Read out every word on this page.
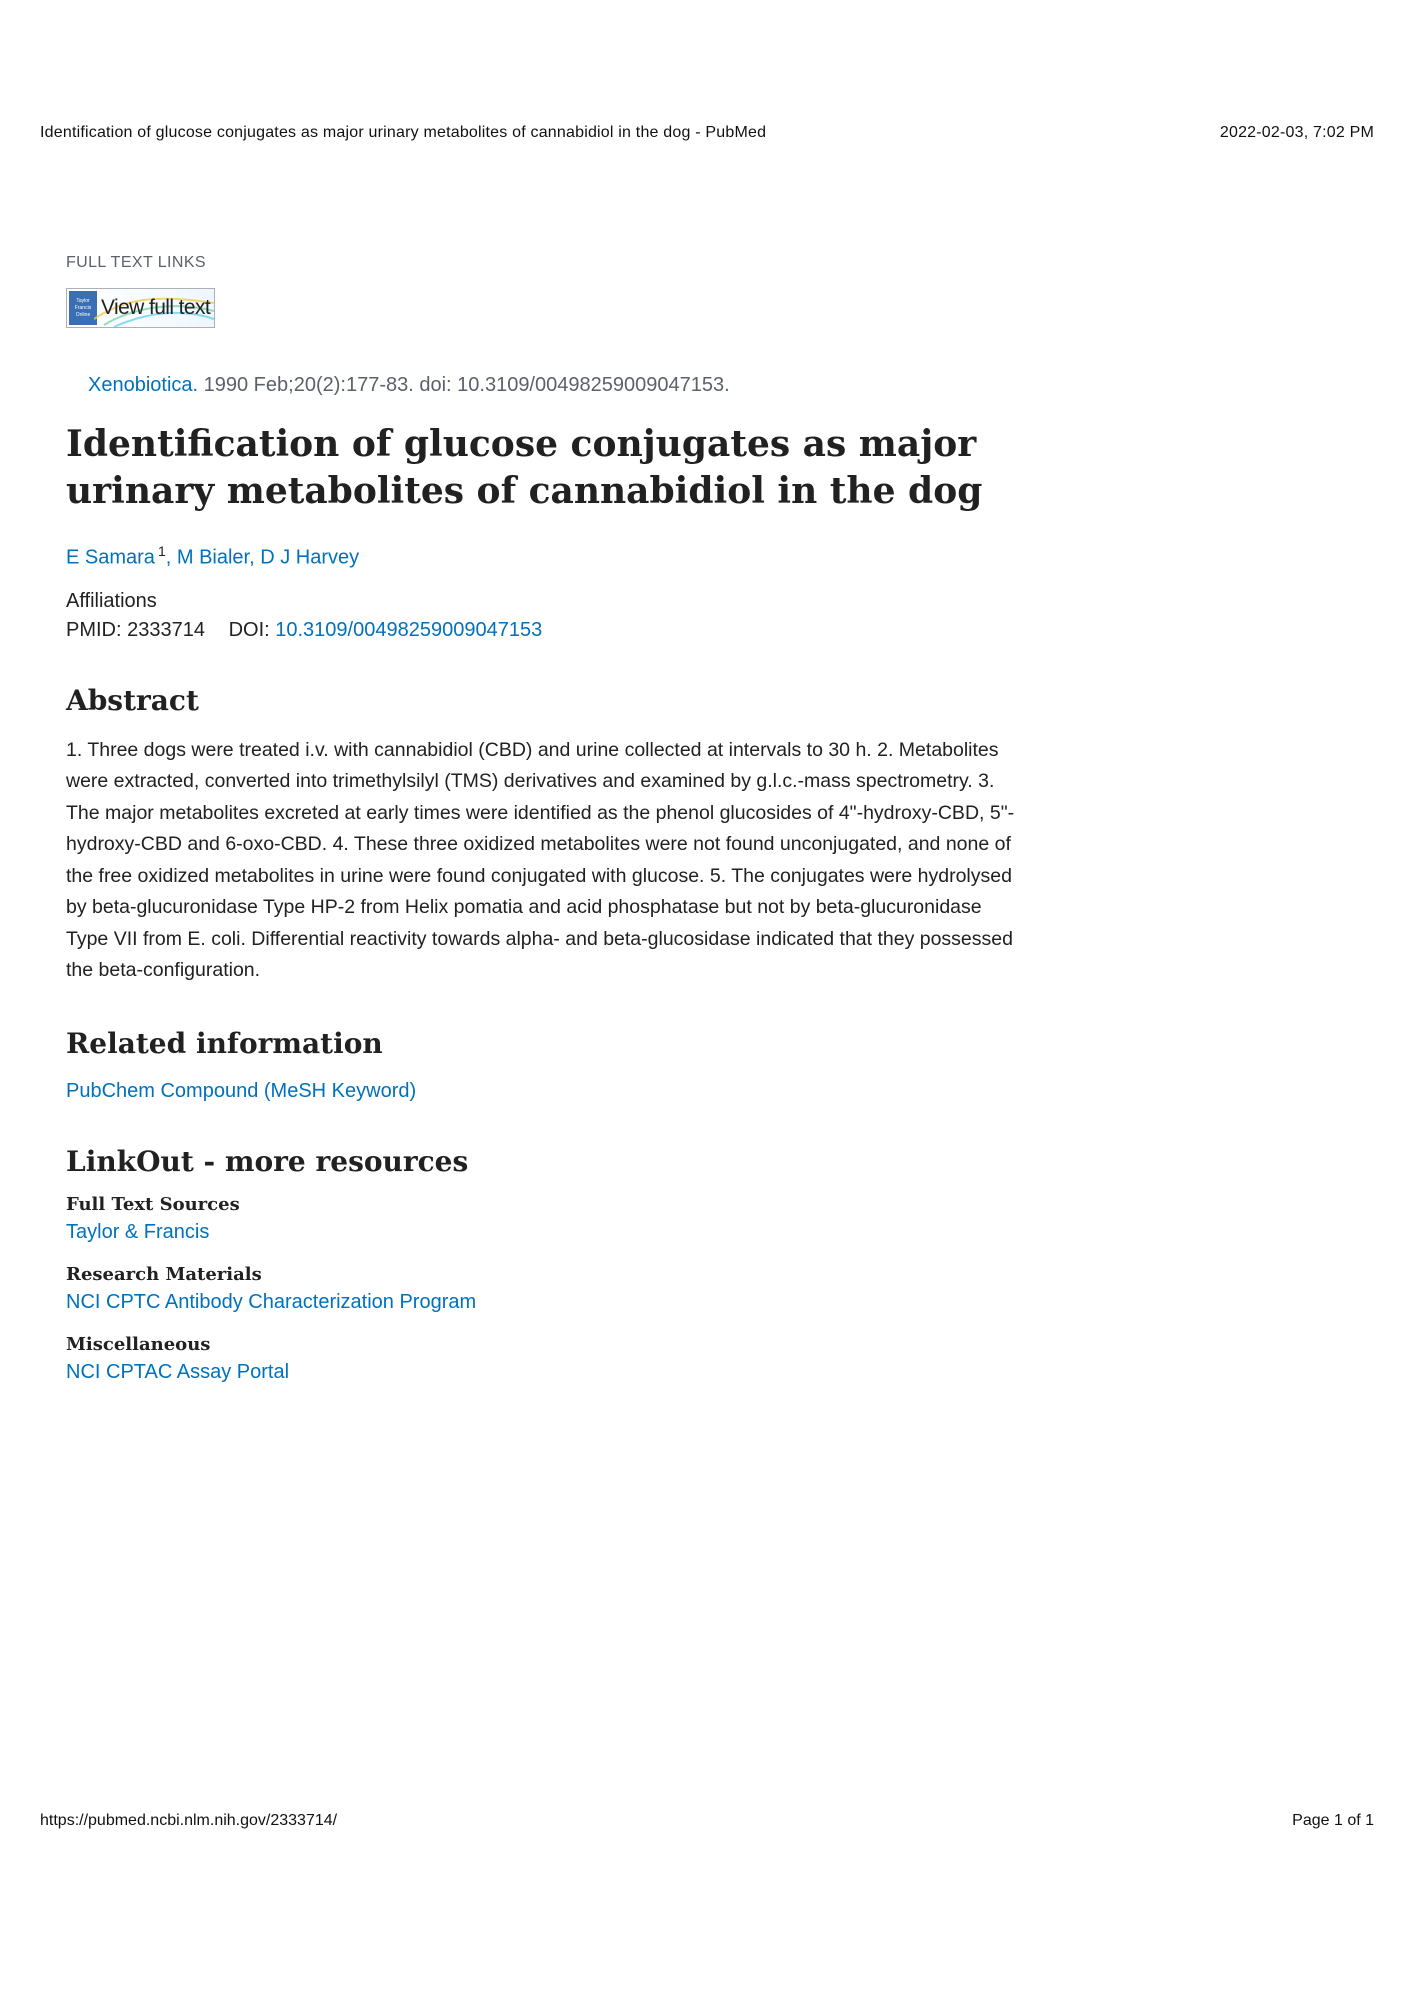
Identification of glucose conjugates as major urinary metabolites of cannabidiol in the dog - PubMed	2022-02-03, 7:02 PM
FULL TEXT LINKS
Taylor
Francis
Online View full text
Xenobiotica. 1990 Feb;20(2):177-83. doi: 10.3109/00498259009047153.
Identification of glucose conjugates as major urinary metabolites of cannabidiol in the dog
E Samara $^1$, M Bialer, D J Harvey
Affiliations
PMID: 2333714 DOI: 10.3109/00498259009047153
Abstract
1. Three dogs were treated i.v. with cannabidiol (CBD) and urine collected at intervals to 30 h. 2. Metabolites were extracted, converted into trimethylsilyl (TMS) derivatives and examined by g.l.c.-mass spectrometry. 3. The major metabolites excreted at early times were identified as the phenol glucosides of 4"-hydroxy-CBD, 5"-hydroxy-CBD and 6-oxo-CBD. 4. These three oxidized metabolites were not found unconjugated, and none of the free oxidized metabolites in urine were found conjugated with glucose. 5. The conjugates were hydrolysed by beta-glucuronidase Type HP-2 from Helix pomatia and acid phosphatase but not by beta-glucuronidase Type VII from E. coli. Differential reactivity towards alpha- and beta-glucosidase indicated that they possessed the beta-configuration.
Related information
PubChem Compound (MeSH Keyword)
LinkOut - more resources
Full Text Sources
Taylor & Francis
Research Materials
NCI CPTC Antibody Characterization Program
Miscellaneous
NCI CPTAC Assay Portal
https://pubmed.ncbi.nlm.nih.gov/2333714/	Page 1 of 1
